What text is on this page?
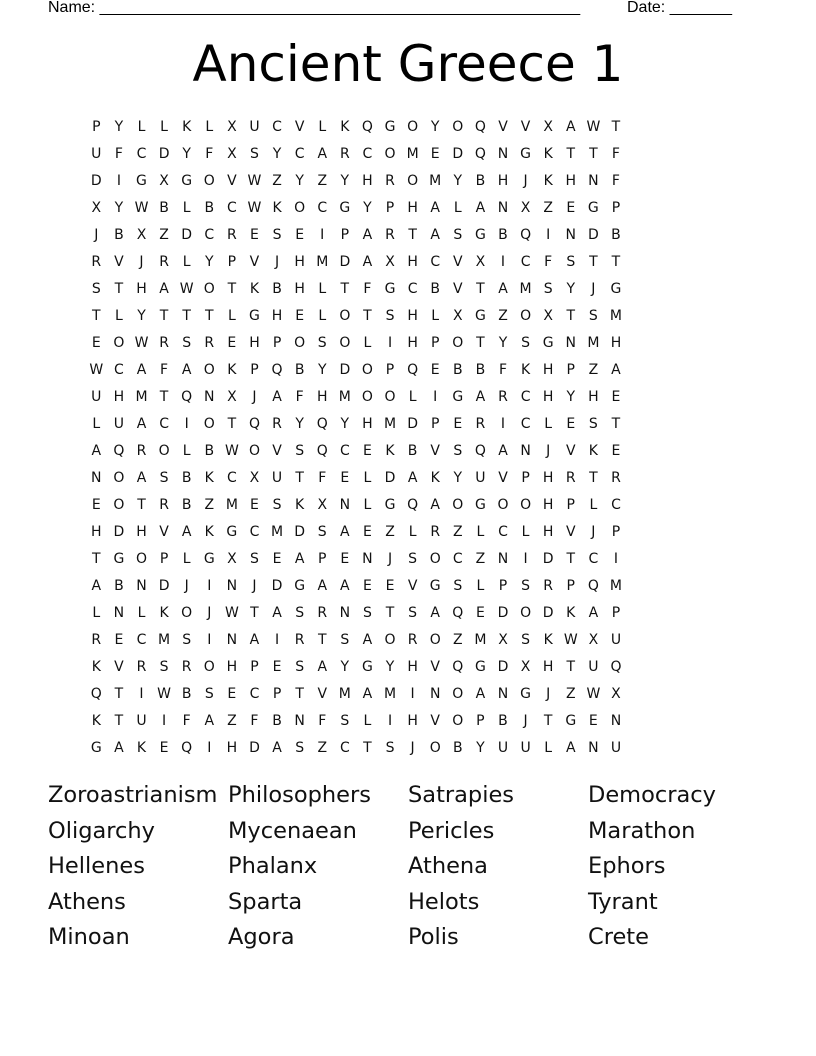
Name: ______________________________________________________	Date: _______
Ancient Greece 1
P	Y	L	L	K	L X U C V L	K Q G O Y O Q V V X A W T
U F C D Y	F X S Y C A R C O M E D Q N G K T	T	F
D	I	G X G O V W Z Y Z Y H R O M Y B H	J	K H N F
X Y W B L B C W K O C G Y	P H A L A N X Z E G P
J	B X Z D C R E S E	I	P A R T A S G B Q	I	N D B
R V	J	R L	Y	P V	J	H M D A X H C V X	I	C F	S T	T
S T H A W O T K B H L	T	F G C B V T A M S Y	J	G
T	L	Y	T	T	T	L G H E	L O T S H L X G Z O X T S M
E O W R S R E H P O S O L	I	H P O T	Y S G N M H
W C A F A O K P Q B Y D O P Q E B B F K H P Z A
U H M T Q N X	J	A F H M O O L	I	G A R C H Y H E
L U A C	I	O T Q R Y Q Y H M D P E R	I	C L	E S T
A Q R O L B W O V S Q C E K B V S Q A N	J	V K E
N O A S B K C X U T	F	E	L D A K Y U V P H R T R
E O T R B Z M E S K X N L G Q A O G O O H P	L C
H D H V A K G C M D S A E Z L R Z L C L H V	J	P
T G O P	L G X S E A P E N	J	S O C Z N	I	D T C	I
A B N D	J	I	N	J	D G A A E E V G S	L	P S R P Q M
L N L	K O	J W T A S R N S T S A Q E D O D K A P
R E C M S	I	N A	I	R T S A O R O Z M X S K W X U
K V R S R O H P E S A Y G Y H V Q G D X H T U Q
Q T	I W B S E C P	T V M A M	I	N O A N G	J	Z W X
K T U	I	F A Z F B N F	S	L	I	H V O P B	J	T G E N
G A K E Q	I	H D A S Z C T S	J	O B Y U U L A N U
Zoroastrianism Philosophers	Satrapies	Democracy
Oligarchy	Mycenaean	Pericles	Marathon
Hellenes	Phalanx	Athena	Ephors
Athens	Sparta	Helots	Tyrant
Minoan	Agora	Polis	Crete
